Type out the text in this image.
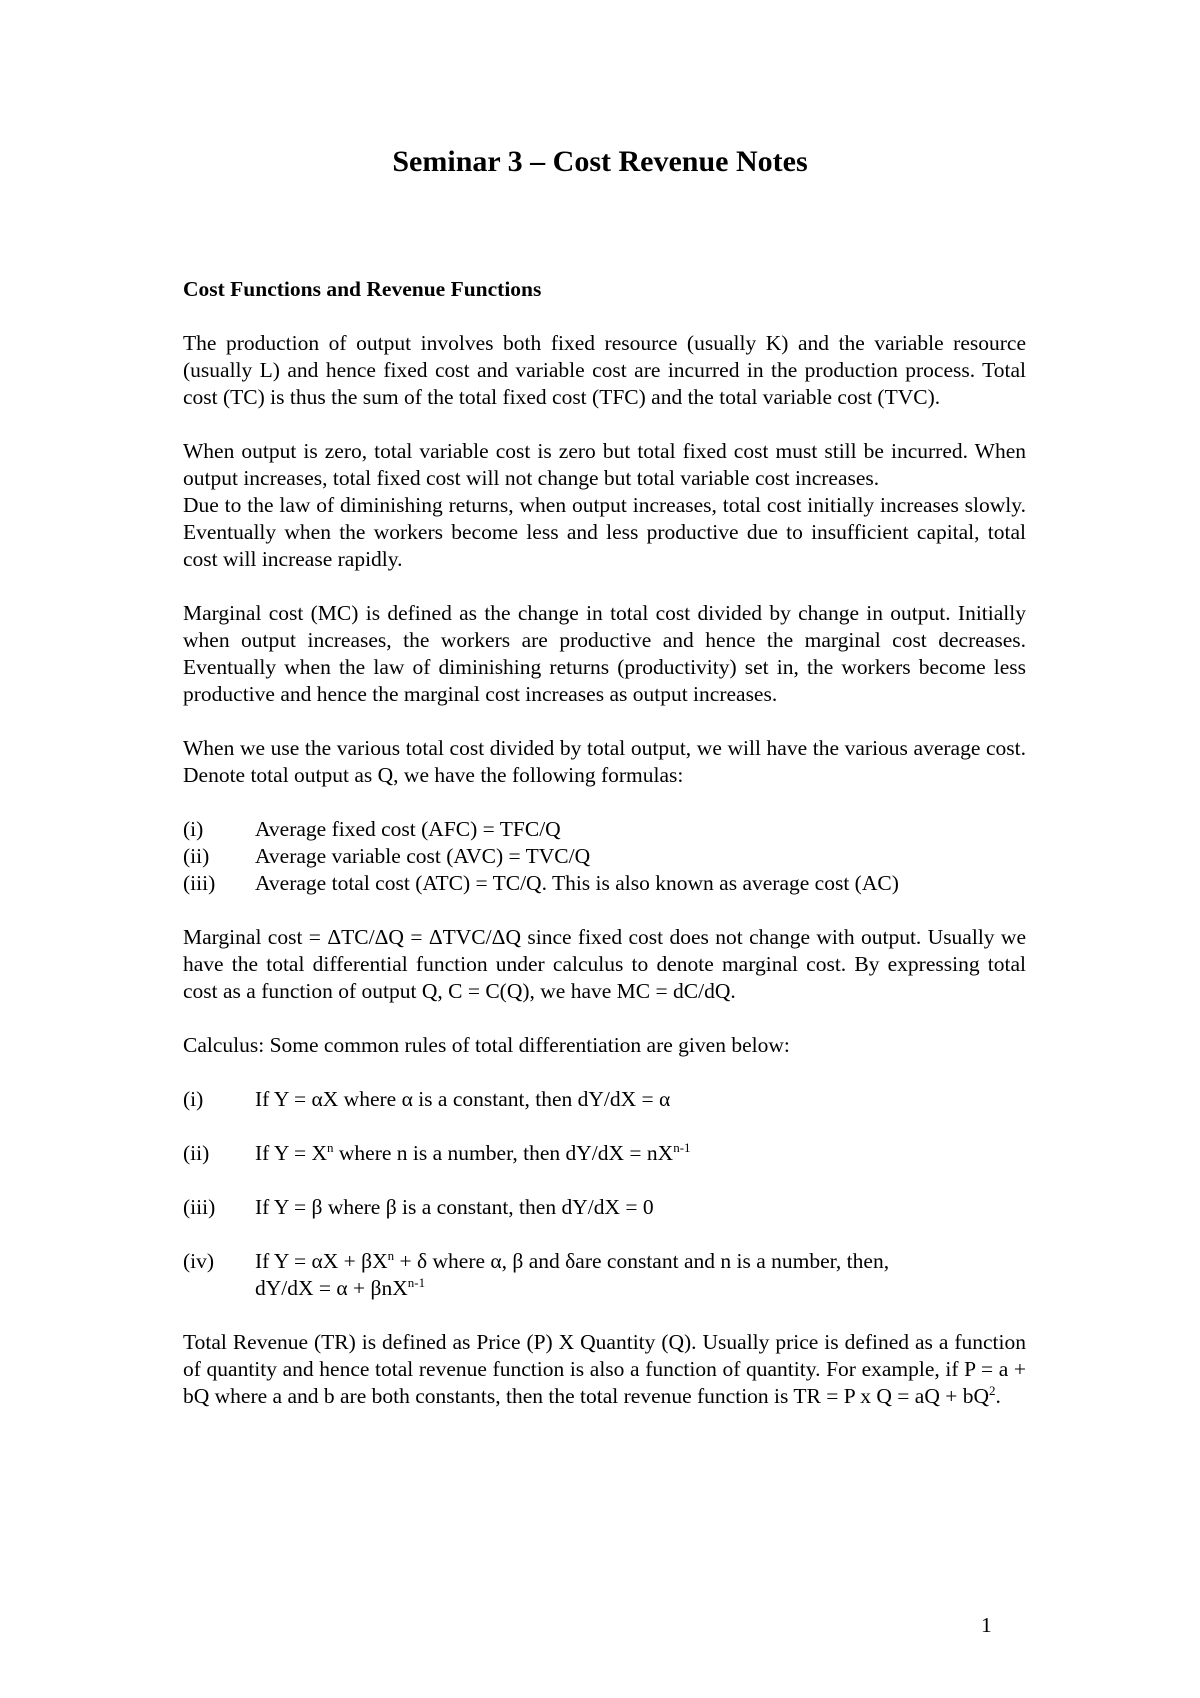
Seminar 3 – Cost Revenue Notes

Cost Functions and Revenue Functions

The production of output involves both fixed resource (usually K) and the variable resource (usually L) and hence fixed cost and variable cost are incurred in the production process. Total cost (TC) is thus the sum of the total fixed cost (TFC) and the total variable cost (TVC).

When output is zero, total variable cost is zero but total fixed cost must still be incurred. When output increases, total fixed cost will not change but total variable cost increases.

Due to the law of diminishing returns, when output increases, total cost initially increases slowly. Eventually when the workers become less and less productive due to insufficient capital, total cost will increase rapidly.

Marginal cost (MC) is defined as the change in total cost divided by change in output. Initially when output increases, the workers are productive and hence the marginal cost decreases. Eventually when the law of diminishing returns (productivity) set in, the workers become less productive and hence the marginal cost increases as output increases.

When we use the various total cost divided by total output, we will have the various average cost. Denote total output as Q, we have the following formulas:

(i)	Average fixed cost (AFC) = TFC/Q
(ii)	Average variable cost (AVC) = TVC/Q
(iii)	Average total cost (ATC) = TC/Q. This is also known as average cost (AC)

Marginal cost = ΔTC/ΔQ = ΔTVC/ΔQ since fixed cost does not change with output. Usually we have the total differential function under calculus to denote marginal cost. By expressing total cost as a function of output Q, C = C(Q), we have MC = dC/dQ.

Calculus: Some common rules of total differentiation are given below:

(i)	If Y = αX where α is a constant, then dY/dX = α
(ii)	If $Y = X^n$ where n is a number, then $dY/dX = nX^{n-1}$
(iii)	If Y = β where β is a constant, then dY/dX = 0
(iv)	If $Y = \alpha X + \beta X^n + \delta$ where α, β and δare constant and n is a number, then,
dY/dX = α + βnX$^{n-1}$

Total Revenue (TR) is defined as Price (P) X Quantity (Q). Usually price is defined as a function of quantity and hence total revenue function is also a function of quantity. For example, if P = a + bQ where a and b are both constants, then the total revenue function is TR = P x Q = aQ + $bQ^2$.

1
